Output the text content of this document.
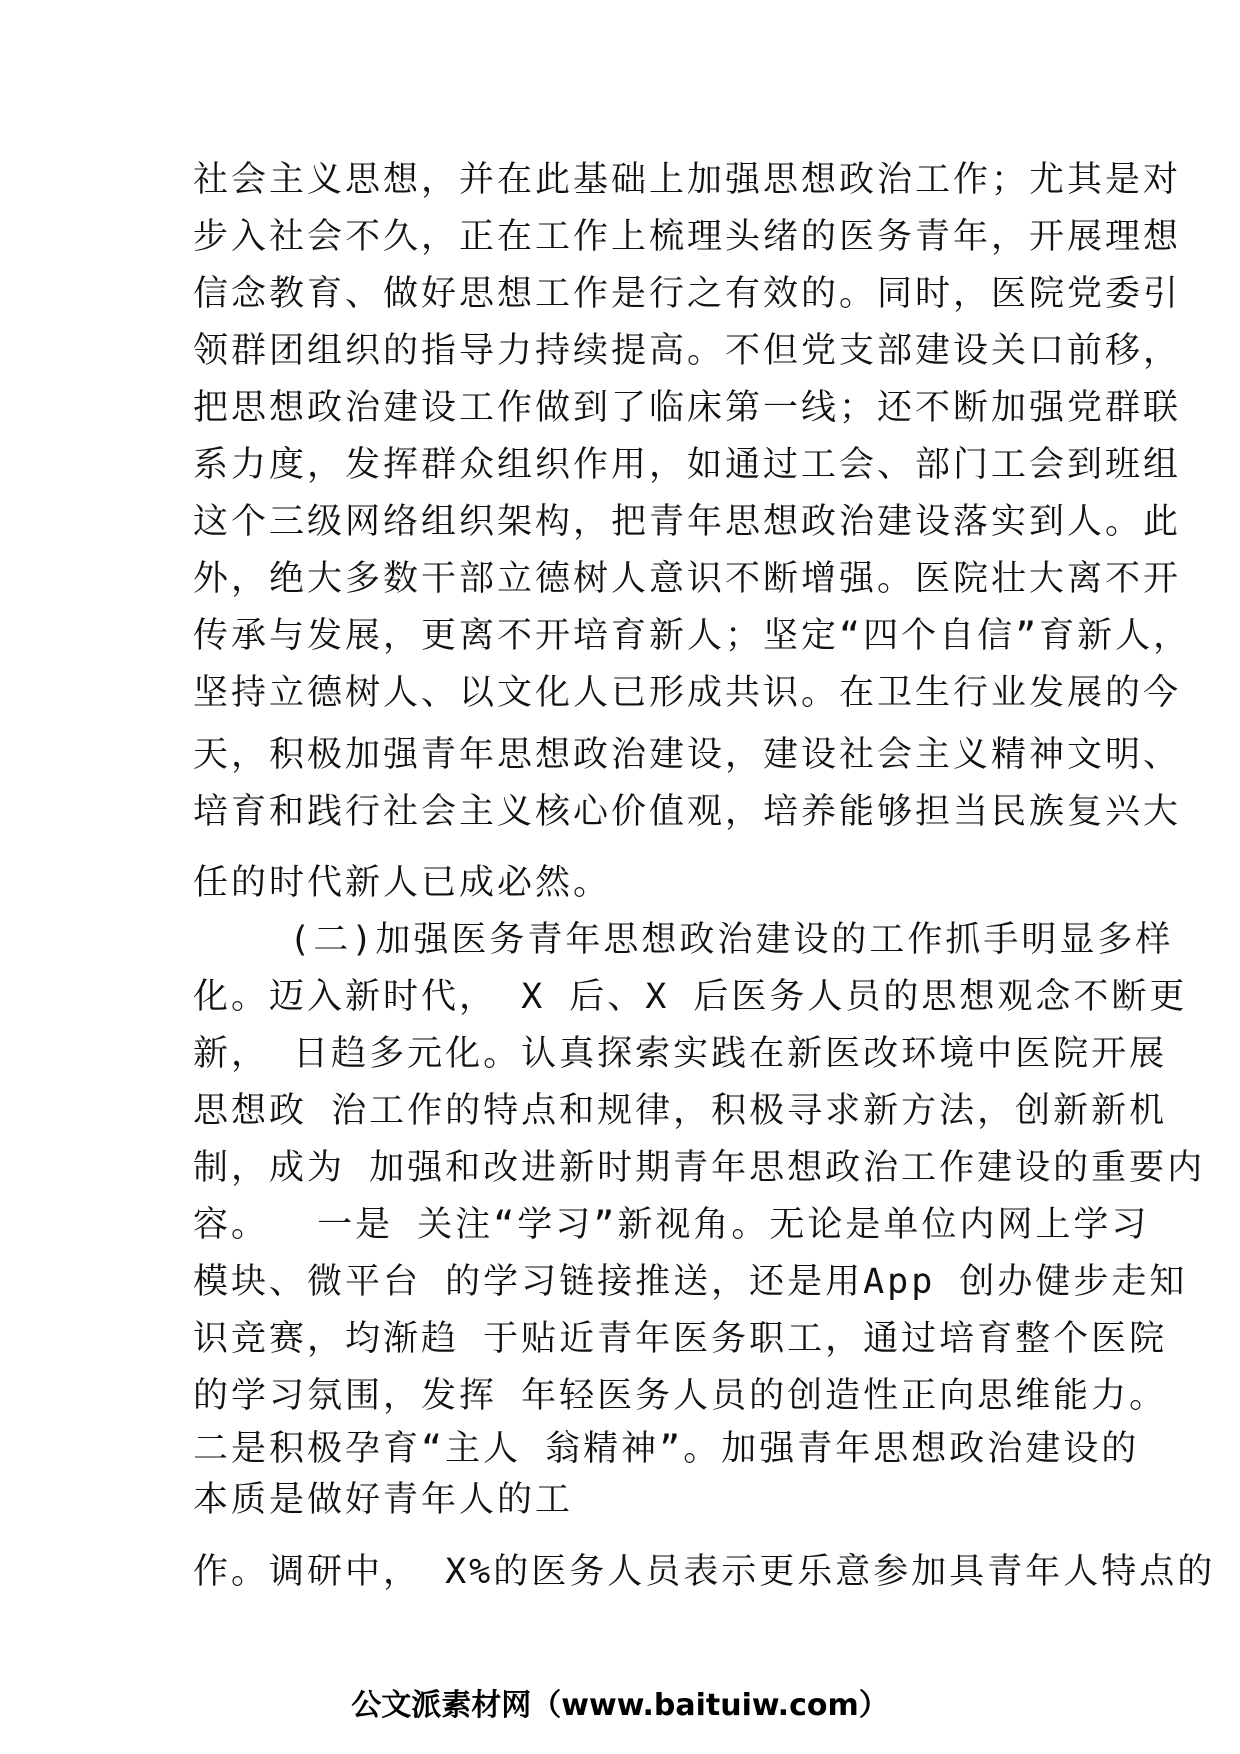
社会主义思想，并在此基础上加强思想政治工作；尤其是对
步入社会不久，正在工作上梳理头绪的医务青年，开展理想
信念教育、做好思想工作是行之有效的。同时，医院党委引
领群团组织的指导力持续提高。不但党支部建设关口前移，
把思想政治建设工作做到了临床第一线；还不断加强党群联
系力度，发挥群众组织作用，如通过工会、部门工会到班组
这个三级网络组织架构，把青年思想政治建设落实到人。此
外，绝大多数干部立德树人意识不断增强。医院壮大离不开
传承与发展，更离不开培育新人；坚定“四个自信”育新人，
坚持立德树人、以文化人已形成共识。在卫生行业发展的今
天，积极加强青年思想政治建设，建设社会主义精神文明、
培育和践行社会主义核心价值观，培养能够担当民族复兴大
任的时代新人已成必然。
(二)加强医务青年思想政治建设的工作抓手明显多样
化。迈入新时代， X 后、X 后医务人员的思想观念不断更
新， 日趋多元化。认真探索实践在新医改环境中医院开展
思想政 治工作的特点和规律，积极寻求新方法，创新新机
制，成为 加强和改进新时期青年思想政治工作建设的重要内
容。  一是 关注“学习”新视角。无论是单位内网上学习
模块、微平台 的学习链接推送，还是用App 创办健步走知
识竞赛，均渐趋 于贴近青年医务职工，通过培育整个医院
的学习氛围，发挥 年轻医务人员的创造性正向思维能力。
二是积极孕育“主人 翁精神”。加强青年思想政治建设的
本质是做好青年人的工
作。调研中， X%的医务人员表示更乐意参加具青年人特点的
公文派素材网（www.baituiw.com）
